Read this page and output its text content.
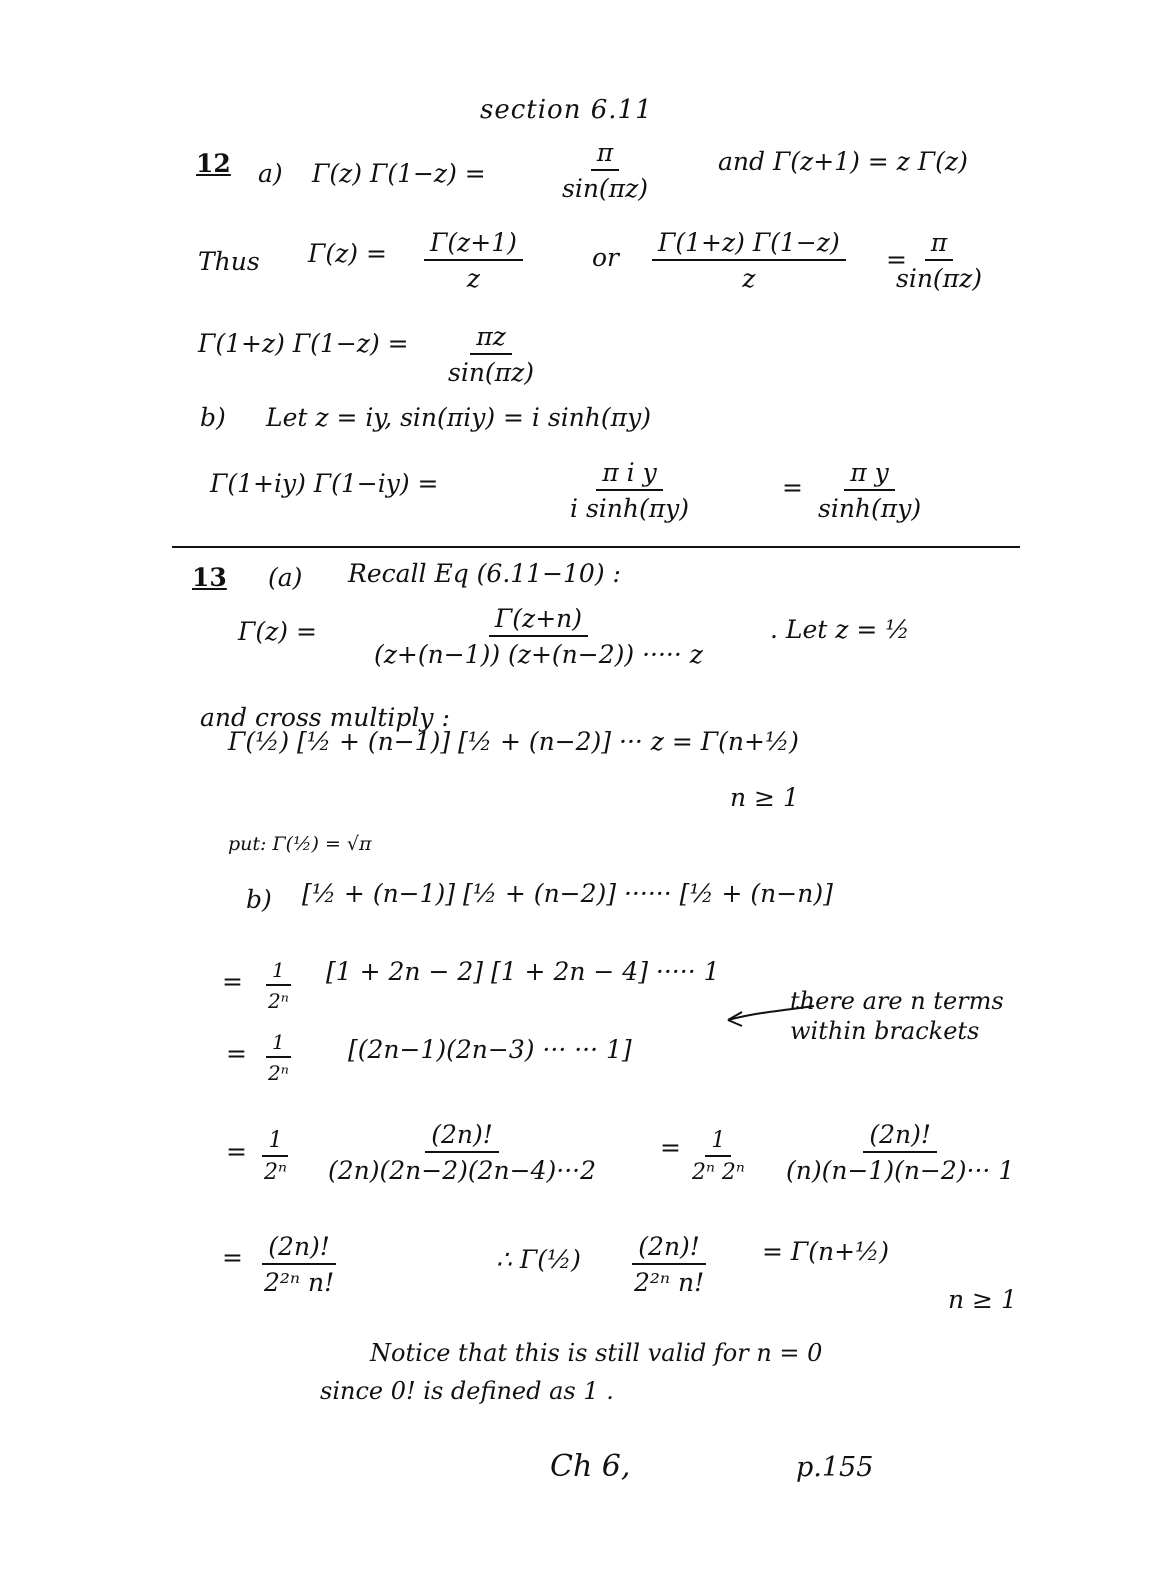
section 6.11
12 a) Γ(z) Γ(1−z) =	$\frac{\pi}{\sin(\pi z)}$	and Γ(z+1) = z Γ(z)
Thus $\Gamma(z) = \frac{\Gamma(z+1)}{z}$	or $\frac{\Gamma(1+z) \Gamma(1-z)}{z}$ =
$\frac{\pi}{\sin(\pi z)}$
Γ(1+z) $\Gamma(1-z) = \frac{\pi z}{\sin(\pi z)}$
b) Let z = iy, sin(πiy) = i sinh(πy)
Γ(1+iy) Γ(1−iy) =	$\frac{\text{π i y}}{\text{i sinh(πy)}}$	= $\frac{\text{π y}}{\sinh(\pi y)}$
13 (a) Recall Eq (6.11−10) :
$\Gamma(z) = \frac{\Gamma(z+n)}{(z+(n-1)) (z+(n-2)) \cdot\cdot\cdot\cdot\cdot z}$ . Let z = ½
and cross multiply :
Γ(½) [½ + (n−1)] [½ + (n−2)] ··· z = Γ(n+½)
n ≥ 1
put: Γ(½) = √π
b) [½ + (n−1)] [½ + (n−2)] ······ [½ + (n−n)]
= $\frac{1}{\text{2ⁿ}} [1 + 2n - 2] [1 + 2n - 4]$ ····· 1
= $\frac{1}{\text{2ⁿ}} [(2n-1)(2n-3)$ ··· ··· 1]
there are n terms within brackets
= $\frac{1}{\text{2ⁿ}} \frac{(2n)!}{(2n)(2n-2)(2n-4)\cdot\cdot\cdot 2} = \frac{1}{\text{2ⁿ 2ⁿ}} \frac{(2n)!}{(n)(n-1)(n-2)\cdot\cdot\cdot 1}$
= $\frac{(2n)!}{\text{2²ⁿ n!}}$	∴ Γ(½) $\frac{(2n)!}{\text{2²ⁿ n!}}$ = Γ(n+½)
n ≥ 1
Notice that this is still valid for n = 0
since 0! is defined as 1 .
Ch 6,	p.155
